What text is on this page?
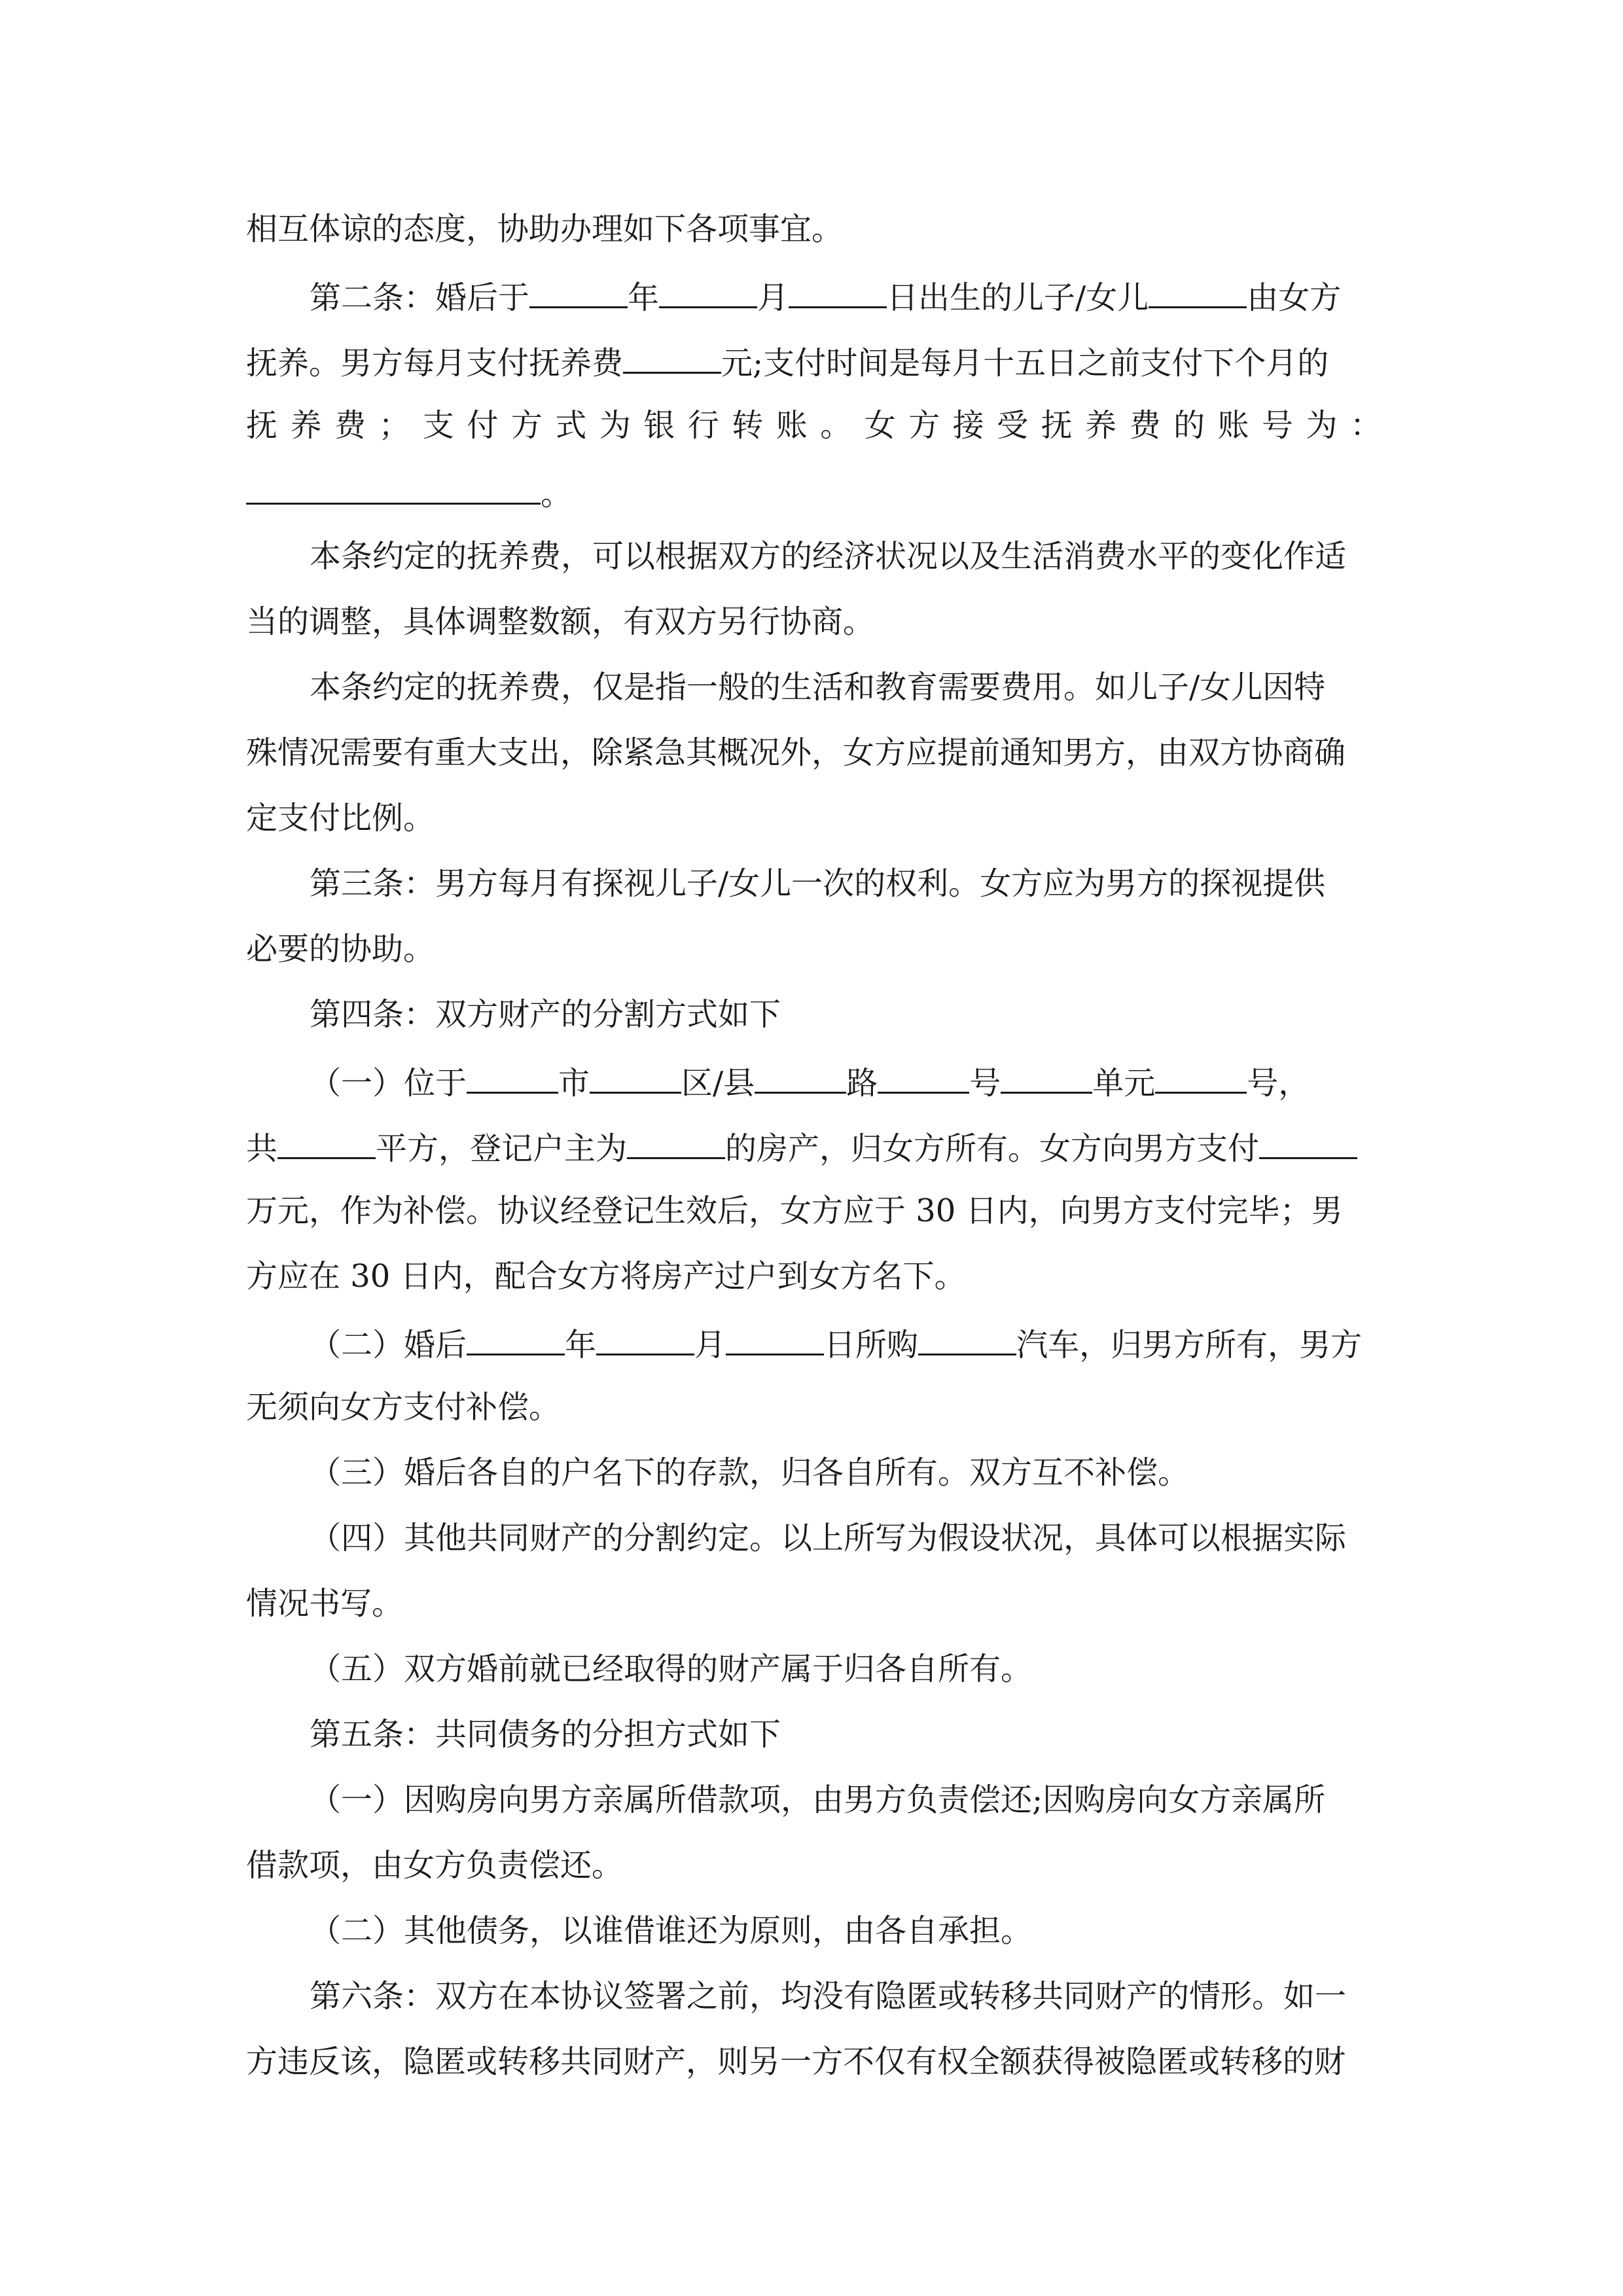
相互体谅的态度，协助办理如下各项事宜。
第二条：婚后于	年	月	日出生的儿子/女儿	由女方
抚养。男方每月支付抚养费	元;支付时间是每月十五日之前支付下个月的
抚养费；支付方式为银行转账。女方接受抚养费的账号为：
。
本条约定的抚养费，可以根据双方的经济状况以及生活消费水平的变化作适
当的调整，具体调整数额，有双方另行协商。
本条约定的抚养费，仅是指一般的生活和教育需要费用。如儿子/女儿因特
殊情况需要有重大支出，除紧急其概况外，女方应提前通知男方，由双方协商确
定支付比例。
第三条：男方每月有探视儿子/女儿一次的权利。女方应为男方的探视提供
必要的协助。
第四条：双方财产的分割方式如下
（一）位于	市	区/县	路	号	单元	号，
共	平方，登记户主为	的房产，归女方所有。女方向男方支付
万元，作为补偿。协议经登记生效后，女方应于 30 日内，向男方支付完毕；男
方应在 30 日内，配合女方将房产过户到女方名下。
（二）婚后	年	月	日所购	汽车，归男方所有，男方
无须向女方支付补偿。
（三）婚后各自的户名下的存款，归各自所有。双方互不补偿。
（四）其他共同财产的分割约定。以上所写为假设状况，具体可以根据实际
情况书写。
（五）双方婚前就已经取得的财产属于归各自所有。
第五条：共同债务的分担方式如下
（一）因购房向男方亲属所借款项，由男方负责偿还;因购房向女方亲属所
借款项，由女方负责偿还。
（二）其他债务，以谁借谁还为原则，由各自承担。
第六条：双方在本协议签署之前，均没有隐匿或转移共同财产的情形。如一
方违反该，隐匿或转移共同财产，则另一方不仅有权全额获得被隐匿或转移的财
